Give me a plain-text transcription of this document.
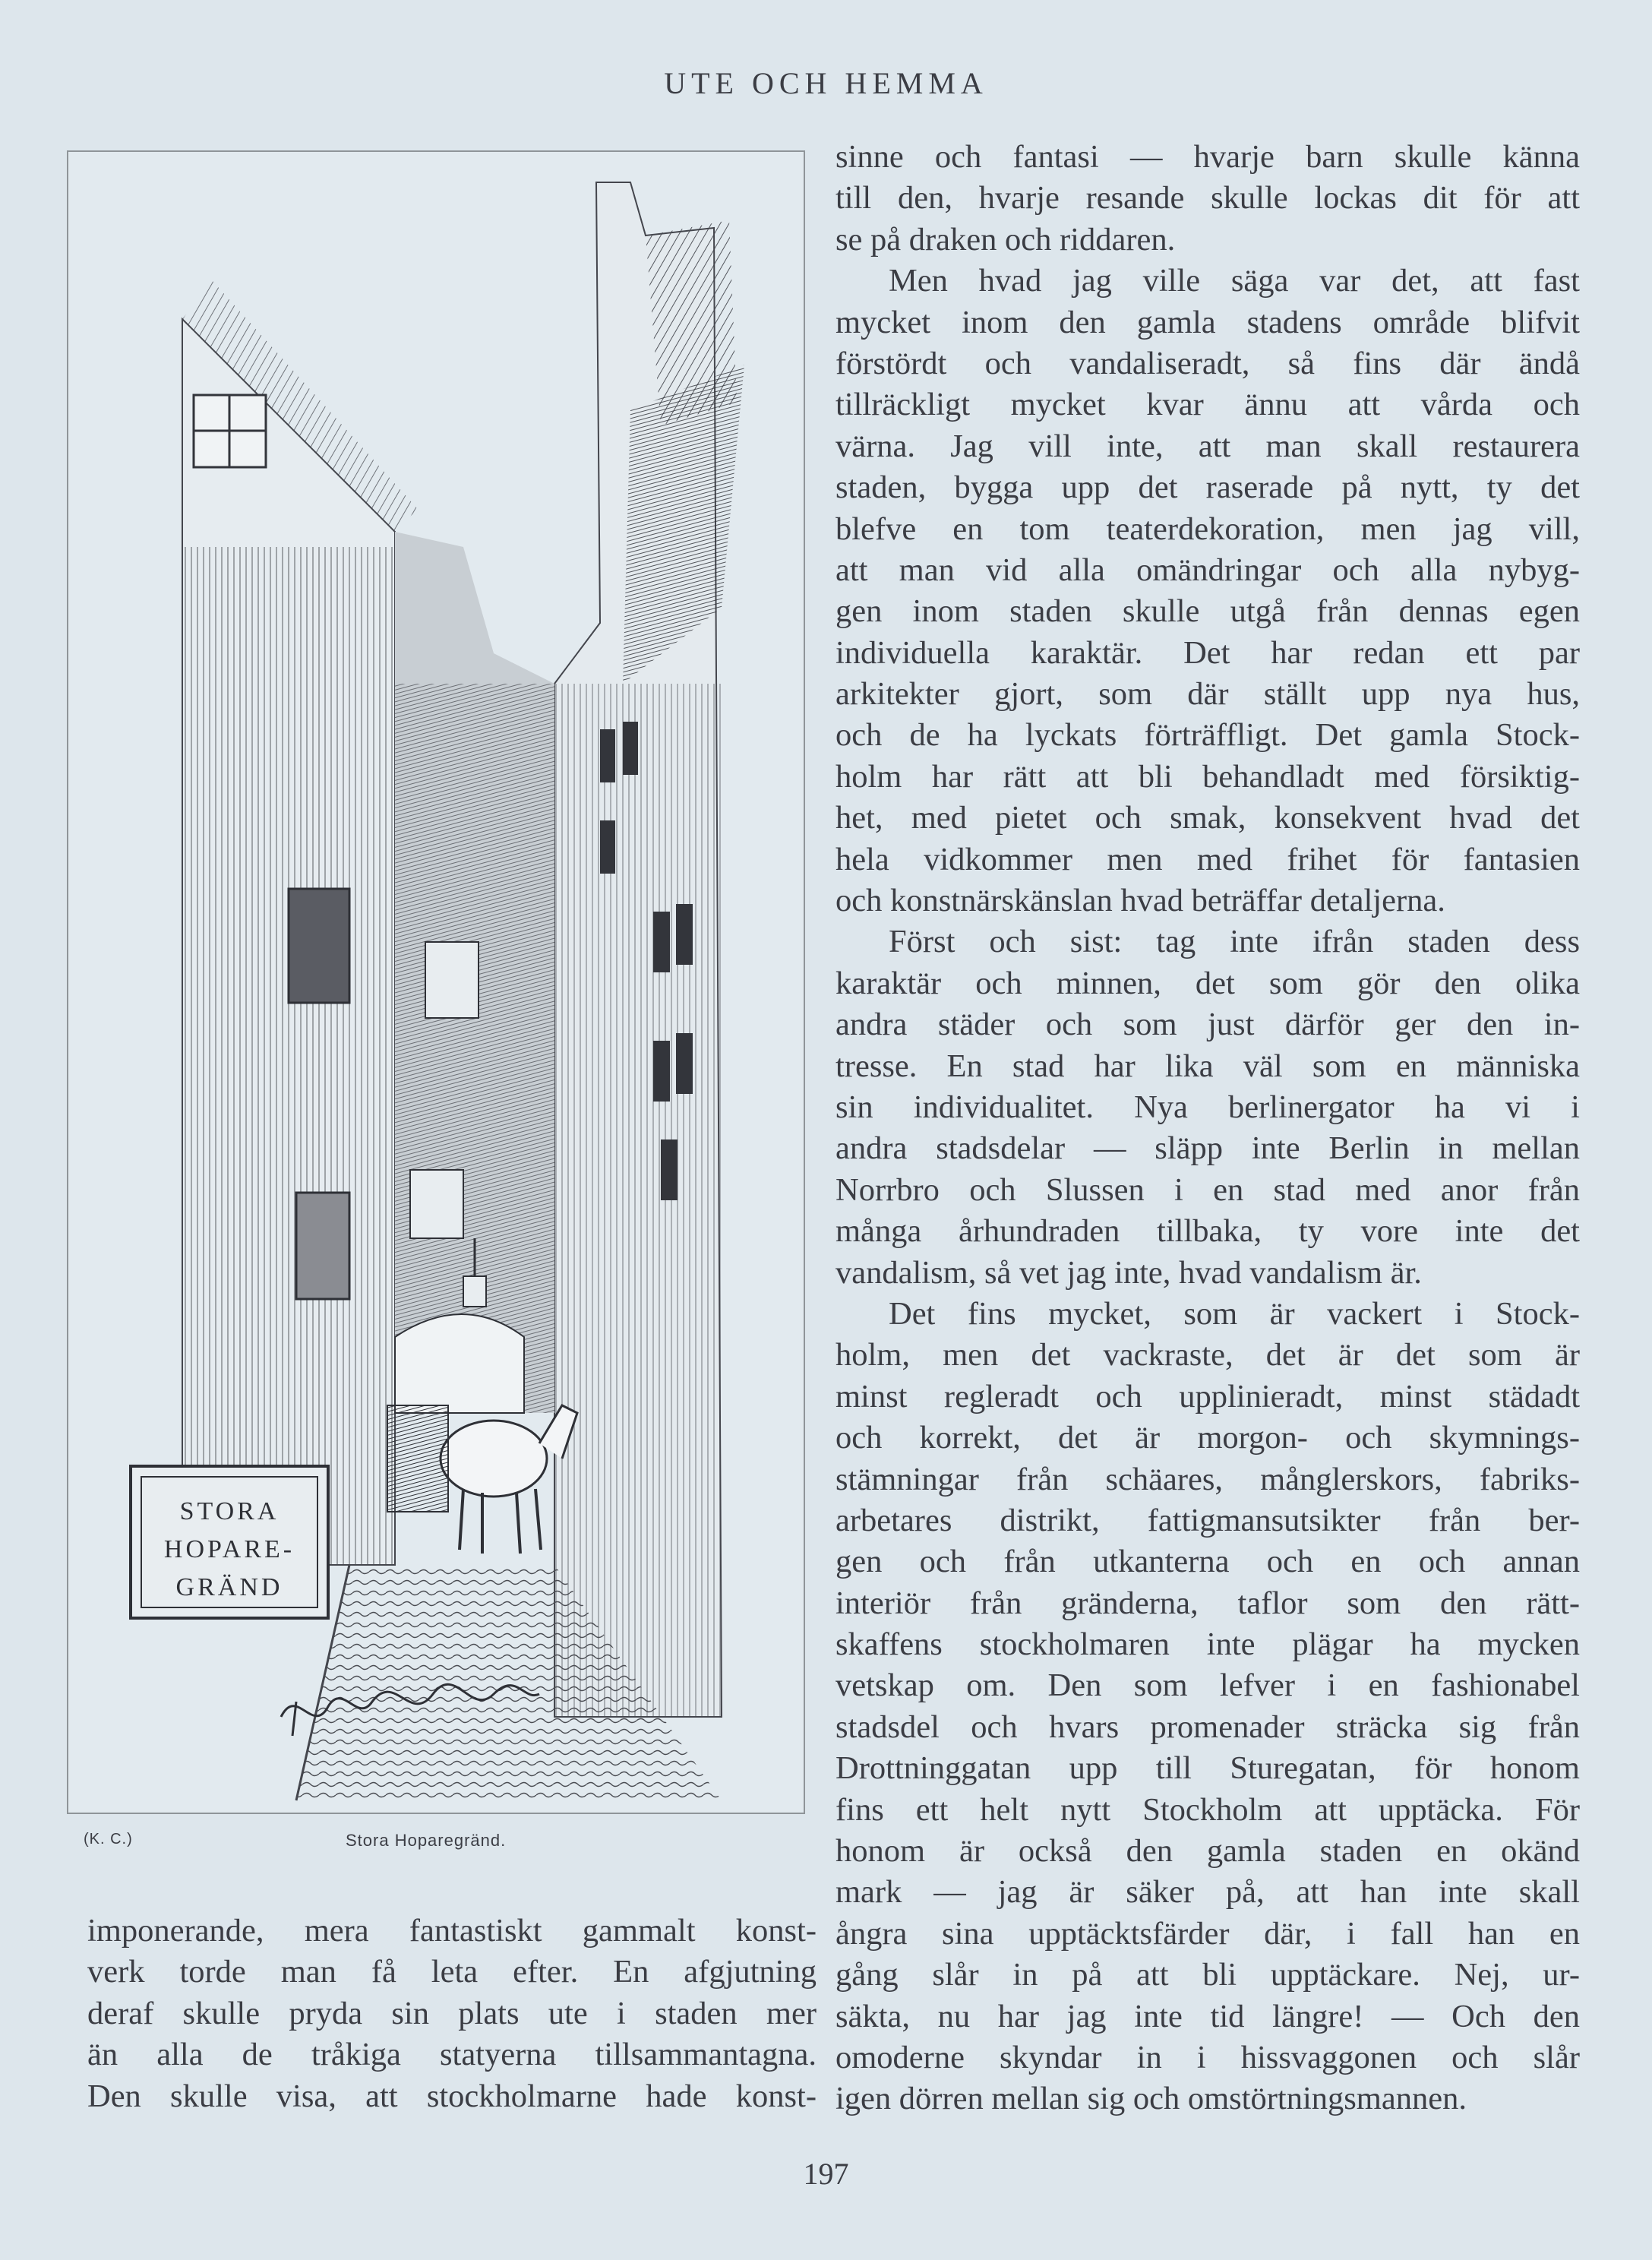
UTE OCH HEMMA
STORA
HOPARE-
GRÄND
(K. C.)	Stora Hoparegränd.
sinne och fantasi — hvarje barn skulle känna
till den, hvarje resande skulle lockas dit för att
se på draken och riddaren.
Men hvad jag ville säga var det, att fast
mycket inom den gamla stadens område blifvit
förstördt och vandaliseradt, så fins där ändå
tillräckligt mycket kvar ännu att vårda och
värna. Jag vill inte, att man skall restaurera
staden, bygga upp det raserade på nytt, ty det
blefve en tom teaterdekoration, men jag vill,
att man vid alla omändringar och alla nybyg-
gen inom staden skulle utgå från dennas egen
individuella karaktär. Det har redan ett par
arkitekter gjort, som där ställt upp nya hus,
och de ha lyckats förträffligt. Det gamla Stock-
holm har rätt att bli behandladt med försiktig-
het, med pietet och smak, konsekvent hvad det
hela vidkommer men med frihet för fantasien
och konstnärskänslan hvad beträffar detaljerna.
Först och sist: tag inte ifrån staden dess
karaktär och minnen, det som gör den olika
andra städer och som just därför ger den in-
tresse. En stad har lika väl som en människa
sin individualitet. Nya berlinergator ha vi i
andra stadsdelar — släpp inte Berlin in mellan
Norrbro och Slussen i en stad med anor från
många århundraden tillbaka, ty vore inte det
vandalism, så vet jag inte, hvad vandalism är.
Det fins mycket, som är vackert i Stock-
holm, men det vackraste, det är det som är
minst regleradt och uppliniеradt, minst städadt
och korrekt, det är morgon- och skymnings-
stämningar från schäares, månglerskors, fabriks-
arbetares distrikt, fattigmansutsikter från ber-
gen och från utkanterna och en och annan
interiör från gränderna, taflor som den rätt-
skaffens stockholmaren inte plägar ha mycken
vetskap om. Den som lefver i en fashionabel
stadsdel och hvars promenader sträcka sig från
Drottninggatan upp till Sturegatan, för honom
fins ett helt nytt Stockholm att upptäcka. För
honom är också den gamla staden en okänd
mark — jag är säker på, att han inte skall
ångra sina upptäcktsfärder där, i fall han en
gång slår in på att bli upptäckare. Nej, ur-
säkta, nu har jag inte tid längre! — Och den
omoderne skyndar in i hissvaggonen och slår
igen dörren mellan sig och omstörtningsmannen.
imponerande, mera fantastiskt gammalt konst-
verk torde man få leta efter. En afgjutning
deraf skulle pryda sin plats ute i staden mer
än alla de tråkiga statyerna tillsammantagna.
Den skulle visa, att stockholmarne hade konst-
197
